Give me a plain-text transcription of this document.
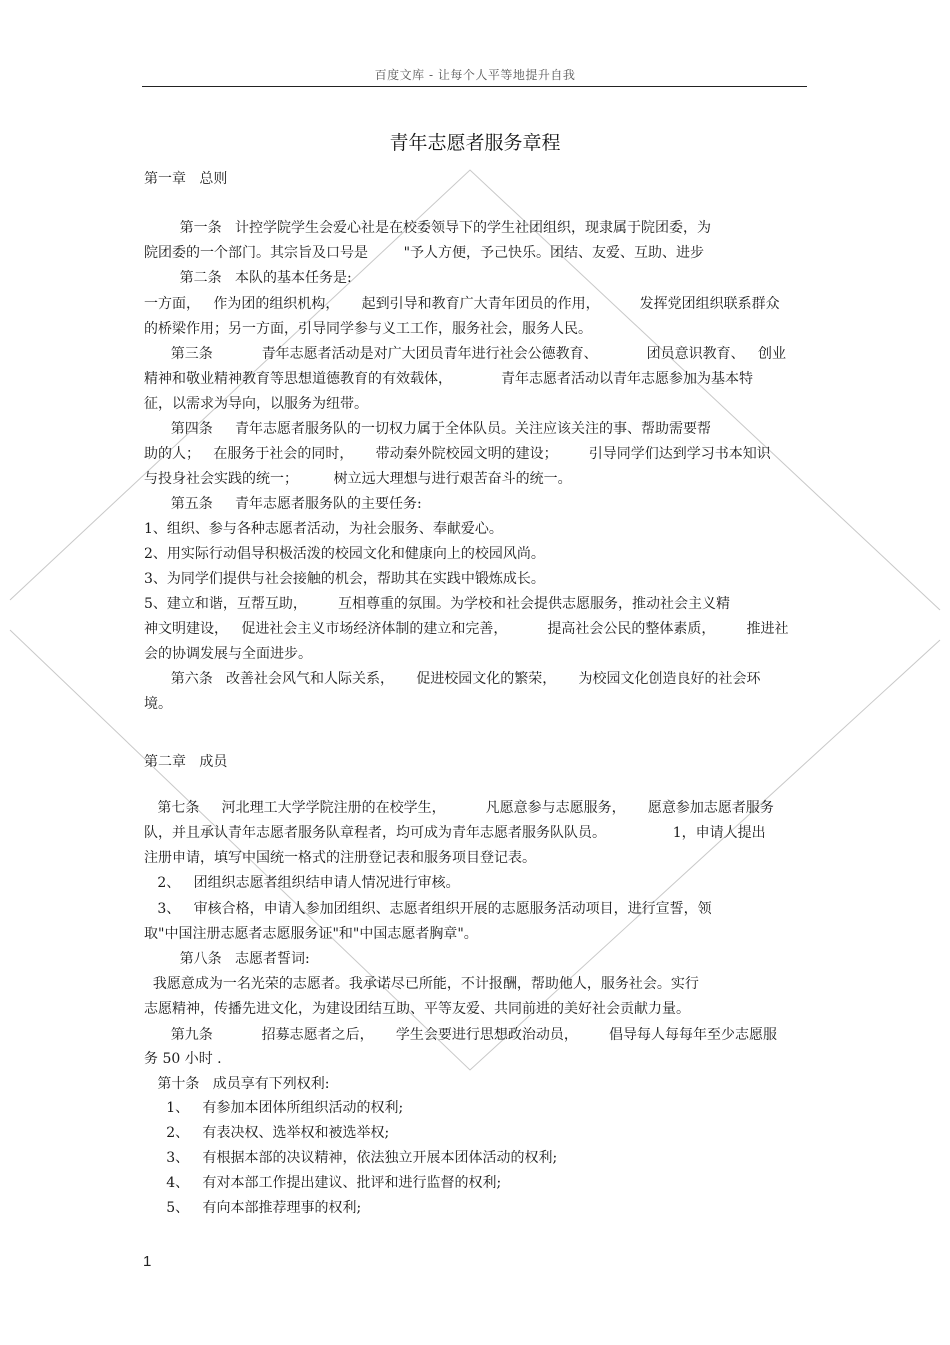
百度文库 - 让每个人平等地提升自我
青年志愿者服务章程
第一章   总则
第一条   计控学院学生会爱心社是在校委领导下的学生社团组织，现隶属于院团委，为
院团委的一个部门。其宗旨及口号是        "予人方便，予己快乐。团结、友爱、互助、进步
第二条   本队的基本任务是:
一方面，   作为团的组织机构，     起到引导和教育广大青年团员的作用，         发挥党团组织联系群众
的桥梁作用；另一方面，引导同学参与义工工作，服务社会，服务人民。
第三条           青年志愿者活动是对广大团员青年进行社会公德教育、           团员意识教育、   创业
精神和敬业精神教育等思想道德教育的有效载体，           青年志愿者活动以青年志愿参加为基本特
征，以需求为导向，以服务为纽带。
第四条     青年志愿者服务队的一切权力属于全体队员。关注应该关注的事、帮助需要帮
助的人；   在服务于社会的同时，     带动秦外院校园文明的建设；       引导同学们达到学习书本知识
与投身社会实践的统一；        树立远大理想与进行艰苦奋斗的统一。
第五条     青年志愿者服务队的主要任务:
1、组织、参与各种志愿者活动，为社会服务、奉献爱心。
2、用实际行动倡导积极活泼的校园文化和健康向上的校园风尚。
3、为同学们提供与社会接触的机会，帮助其在实践中锻炼成长。
5、建立和谐，互帮互助，       互相尊重的氛围。为学校和社会提供志愿服务，推动社会主义精
神文明建设，   促进社会主义市场经济体制的建立和完善，         提高社会公民的整体素质，       推进社
会的协调发展与全面进步。
第六条   改善社会风气和人际关系，     促进校园文化的繁荣，     为校园文化创造良好的社会环
境。
第二章   成员
第七条     河北理工大学学院注册的在校学生，         凡愿意参与志愿服务，     愿意参加志愿者服务
队，并且承认青年志愿者服务队章程者，均可成为青年志愿者服务队队员。               1，申请人提出
注册申请，填写中国统一格式的注册登记表和服务项目登记表。
2、   团组织志愿者组织结申请人情况进行审核。
3、   审核合格，申请人参加团组织、志愿者组织开展的志愿服务活动项目，进行宣誓，领
取"中国注册志愿者志愿服务证"和"中国志愿者胸章"。
第八条   志愿者誓词:
我愿意成为一名光荣的志愿者。我承诺尽已所能，不计报酬，帮助他人，服务社会。实行
志愿精神，传播先进文化，为建设团结互助、平等友爱、共同前进的美好社会贡献力量。
第九条           招募志愿者之后，     学生会要进行思想政治动员，       倡导每人每每年至少志愿服
务 50 小时 .
第十条   成员享有下列权利:
1、   有参加本团体所组织活动的权利;
2、   有表决权、选举权和被选举权;
3、   有根据本部的决议精神，依法独立开展本团体活动的权利;
4、   有对本部工作提出建议、批评和进行监督的权利;
5、   有向本部推荐理事的权利;
1
